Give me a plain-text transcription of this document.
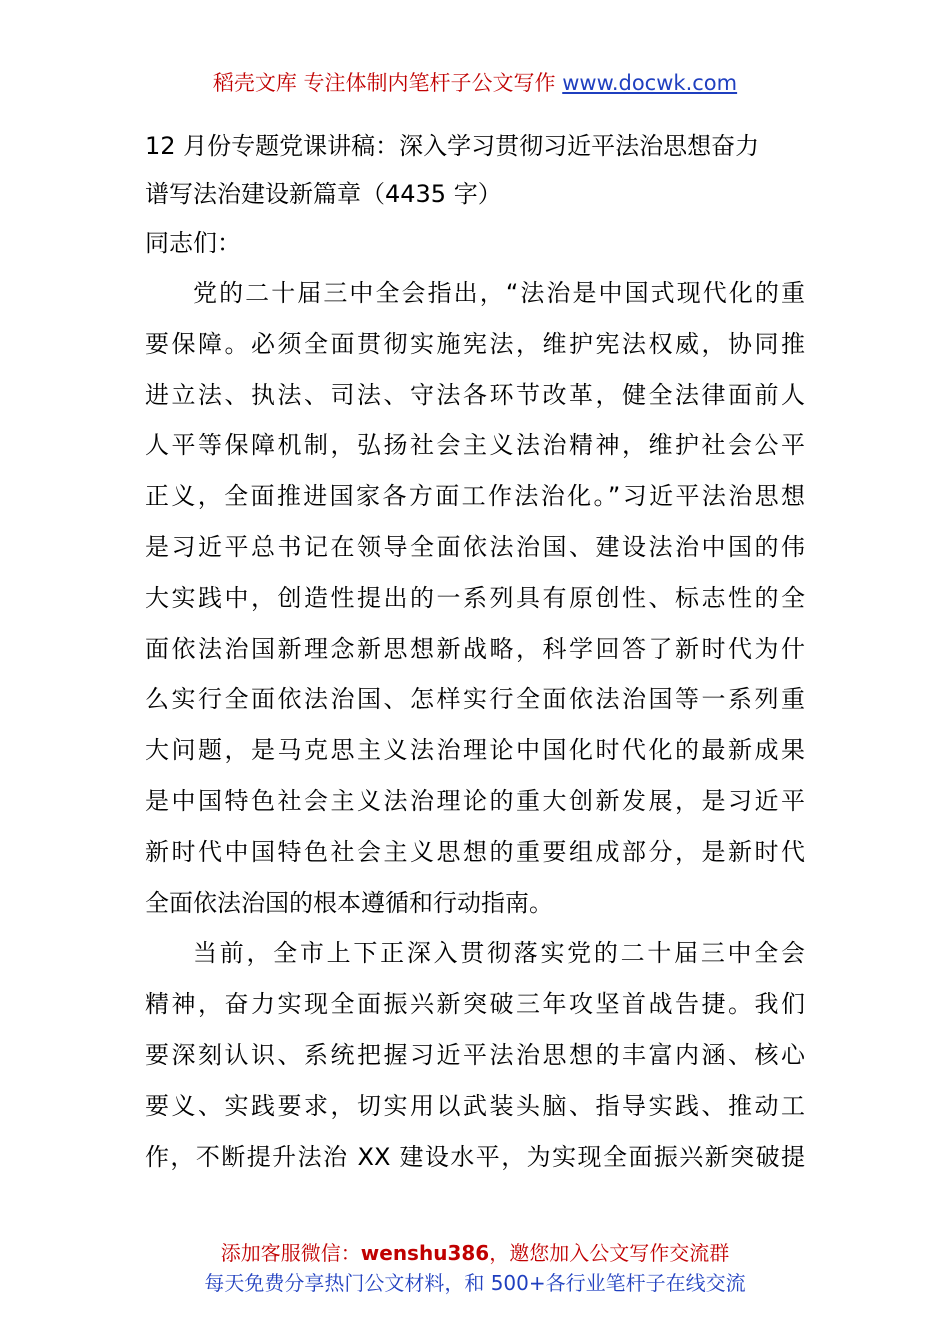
稻壳文库 专注体制内笔杆子公文写作 www.docwk.com
12 月份专题党课讲稿：深入学习贯彻习近平法治思想奋力
谱写法治建设新篇章（4435 字）

同志们：

党的二十届三中全会指出，“法治是中国式现代化的重
要保障。必须全面贯彻实施宪法，维护宪法权威，协同推
进立法、执法、司法、守法各环节改革，健全法律面前人
人平等保障机制，弘扬社会主义法治精神，维护社会公平
正义，全面推进国家各方面工作法治化。”习近平法治思想
是习近平总书记在领导全面依法治国、建设法治中国的伟
大实践中，创造性提出的一系列具有原创性、标志性的全
面依法治国新理念新思想新战略，科学回答了新时代为什
么实行全面依法治国、怎样实行全面依法治国等一系列重
大问题，是马克思主义法治理论中国化时代化的最新成果
是中国特色社会主义法治理论的重大创新发展，是习近平
新时代中国特色社会主义思想的重要组成部分，是新时代
全面依法治国的根本遵循和行动指南。

当前，全市上下正深入贯彻落实党的二十届三中全会
精神，奋力实现全面振兴新突破三年攻坚首战告捷。我们
要深刻认识、系统把握习近平法治思想的丰富内涵、核心
要义、实践要求，切实用以武装头脑、指导实践、推动工
作，不断提升法治 XX 建设水平，为实现全面振兴新突破提

添加客服微信：wenshu386，邀您加入公文写作交流群
每天免费分享热门公文材料，和 500+各行业笔杆子在线交流
